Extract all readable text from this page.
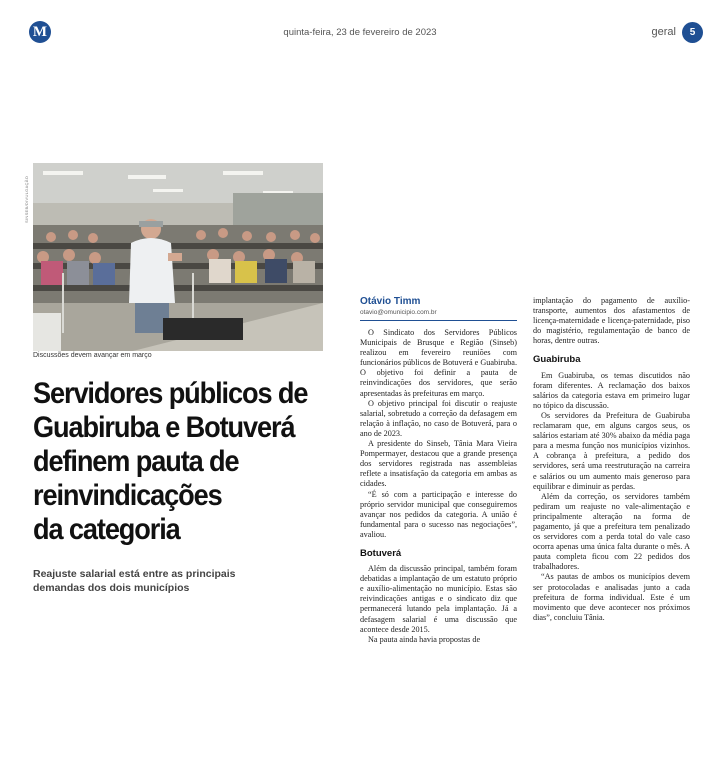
M	quinta-feira, 23 de fevereiro de 2023	geral	5
SINSEB/DIVULGAÇÃO
Discussões devem avançar em março
Servidores públicos de
Guabiruba e Botuverá
definem pauta de
reinvindicações
da categoria
Reajuste salarial está entre as principais demandas dos dois municípios
Otávio Timm
otavio@omunicipio.com.br

O Sindicato dos Servidores Públicos Municipais de Brusque e Região (Sinseb) realizou em fevereiro reuniões com funcionários públicos de Botuverá e Guabiruba. O objetivo foi definir a pauta de reinvindicações dos servidores, que serão apresentadas às prefeituras em março.

O objetivo principal foi discutir o reajuste salarial, sobretudo a correção da defasagem em relação à inflação, no caso de Botuverá, para o ano de 2023.

A presidente do Sinseb, Tânia Mara Vieira Pompermayer, destacou que a grande presença dos servidores registrada nas assembleias reflete a insatisfação da categoria em ambas as cidades.

“É só com a participação e interesse do próprio servidor municipal que conseguiremos avançar nos pedidos da categoria. A união é fundamental para o sucesso nas negociações”, avaliou.

Botuverá

Além da discussão principal, também foram debatidas a implantação de um estatuto próprio e auxílio-alimentação no município. Estas são reivindicações antigas e o sindicato diz que permanecerá lutando pela implantação. Já a defasagem salarial é uma discussão que acontece desde 2015.

Na pauta ainda havia propostas de

implantação do pagamento de auxílio-transporte, aumentos dos afastamentos de licença-maternidade e licença-paternidade, piso do magistério, regulamentação de banco de horas, dentre outras.

Guabiruba

Em Guabiruba, os temas discutidos não foram diferentes. A reclamação dos baixos salários da categoria estava em primeiro lugar no tópico da discussão.

Os servidores da Prefeitura de Guabiruba reclamaram que, em alguns cargos seus, os salários estariam até 30% abaixo da média paga para a mesma função nos municípios vizinhos. A cobrança à prefeitura, a pedido dos servidores, será uma reestruturação na carreira e salários ou um aumento mais generoso para equilibrar e diminuir as perdas.

Além da correção, os servidores também pediram um reajuste no vale-alimentação e principalmente alteração na forma de pagamento, já que a prefeitura tem penalizado os servidores com a perda total do vale caso ocorra apenas uma única falta durante o mês. A pauta completa ficou com 22 pedidos dos trabalhadores.

“As pautas de ambos os municípios devem ser protocoladas e analisadas junto a cada prefeitura de forma individual. Este é um movimento que deve acontecer nos próximos dias”, concluiu Tânia.
